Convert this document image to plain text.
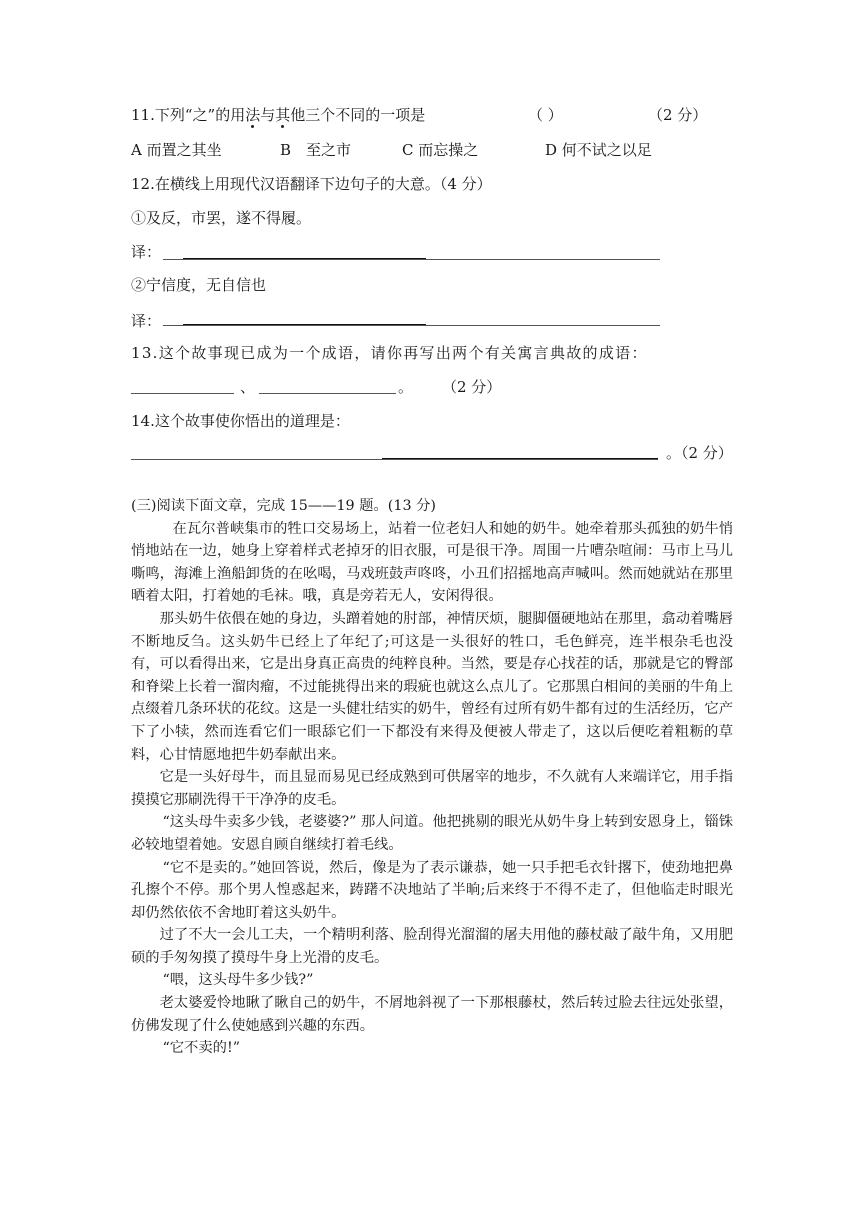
11.下列“之”的用法与其他三个不同的一项是	（ ）	（2 分）
A 而置之其坐	B　至之市	C 而忘操之	D 何不试之以足
12.在横线上用现代汉语翻译下边句子的大意。（4 分）
①及反，市罢，遂不得履。
译：
②宁信度，无自信也
译：
13.这个故事现已成为一个成语，请你再写出两个有关寓言典故的成语：
、	。 （2 分）
14.这个故事使你悟出的道理是：
。（2 分）

(三)阅读下面文章，完成 15——19 题。(13 分)

在瓦尔普峡集市的牲口交易场上，站着一位老妇人和她的奶牛。她牵着那头孤独的奶牛悄悄地站在一边，她身上穿着样式老掉牙的旧衣服，可是很干净。周围一片嘈杂喧闹：马市上马儿嘶鸣，海滩上渔船卸货的在吆喝，马戏班鼓声咚咚，小丑们招摇地高声喊叫。然而她就站在那里晒着太阳，打着她的毛袜。哦，真是旁若无人，安闲得很。

那头奶牛依偎在她的身边，头蹭着她的肘部，神情厌烦，腿脚僵硬地站在那里，翕动着嘴唇不断地反刍。这头奶牛已经上了年纪了;可这是一头很好的牲口，毛色鲜亮，连半根杂毛也没有，可以看得出来，它是出身真正高贵的纯粹良种。当然，要是存心找茬的话，那就是它的臀部和脊梁上长着一溜肉瘤，不过能挑得出来的瑕疵也就这么点儿了。它那黑白相间的美丽的牛角上点缀着几条环状的花纹。这是一头健壮结实的奶牛，曾经有过所有奶牛都有过的生活经历，它产下了小犊，然而连看它们一眼舔它们一下都没有来得及便被人带走了，这以后便吃着粗粝的草料，心甘情愿地把牛奶奉献出来。

它是一头好母牛，而且显而易见已经成熟到可供屠宰的地步，不久就有人来端详它，用手指摸摸它那刷洗得干干净净的皮毛。

“这头母牛卖多少钱，老婆婆?” 那人问道。他把挑剔的眼光从奶牛身上转到安恩身上，锱铢必较地望着她。安恩自顾自继续打着毛线。

“它不是卖的。”她回答说，然后，像是为了表示谦恭，她一只手把毛衣针撂下，使劲地把鼻孔擦个不停。那个男人惶惑起来，踌躇不决地站了半晌;后来终于不得不走了，但他临走时眼光却仍然依依不舍地盯着这头奶牛。

过了不大一会儿工夫，一个精明利落、脸刮得光溜溜的屠夫用他的藤杖敲了敲牛角，又用肥硕的手匆匆摸了摸母牛身上光滑的皮毛。

“喂，这头母牛多少钱?”

老太婆爱怜地瞅了瞅自己的奶牛，不屑地斜视了一下那根藤杖，然后转过脸去往远处张望，仿佛发现了什么使她感到兴趣的东西。

“它不卖的!”
